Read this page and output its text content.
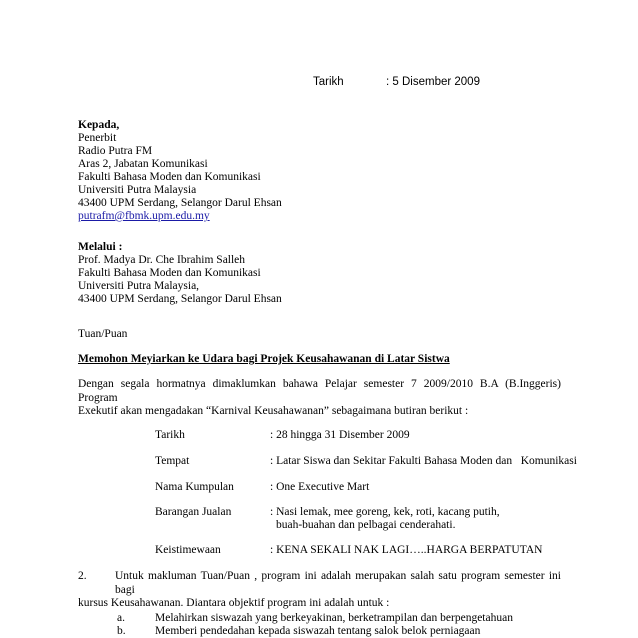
Tarikh	: 5 Disember 2009
Kepada,
Penerbit
Radio Putra FM
Aras 2, Jabatan Komunikasi
Fakulti Bahasa Moden dan Komunikasi
Universiti Putra Malaysia
43400 UPM Serdang, Selangor Darul Ehsan
putrafm@fbmk.upm.edu.my
Melalui :
Prof. Madya Dr. Che Ibrahim Salleh
Fakulti Bahasa Moden dan Komunikasi
Universiti Putra Malaysia,
43400 UPM Serdang, Selangor Darul Ehsan
Tuan/Puan
Memohon Meyiarkan ke Udara bagi Projek Keusahawanan di Latar Sistwa
Dengan segala hormatnya dimaklumkan bahawa Pelajar semester 7 2009/2010 B.A (B.Inggeris) Program
Exekutif akan mengadakan “Karnival Keusahawanan” sebagaimana butiran berikut :
Tarikh	: 28 hingga 31 Disember 2009
Tempat	: Latar Siswa dan Sekitar Fakulti Bahasa Moden dan   Komunikasi
Nama Kumpulan	: One Executive Mart
Barangan Jualan	: Nasi lemak, mee goreng, kek, roti, kacang putih,
buah-buahan dan pelbagai cenderahati.
Keistimewaan	: KENA SEKALI NAK LAGI…..HARGA BERPATUTAN
2.	Untuk makluman Tuan/Puan , program ini adalah merupakan salah satu program semester ini bagi
kursus Keusahawanan. Diantara objektif program ini adalah untuk :
a.	Melahirkan siswazah yang berkeyakinan, berketrampilan dan berpengetahuan
b.	Memberi pendedahan kepada siswazah tentang salok belok perniagaan
